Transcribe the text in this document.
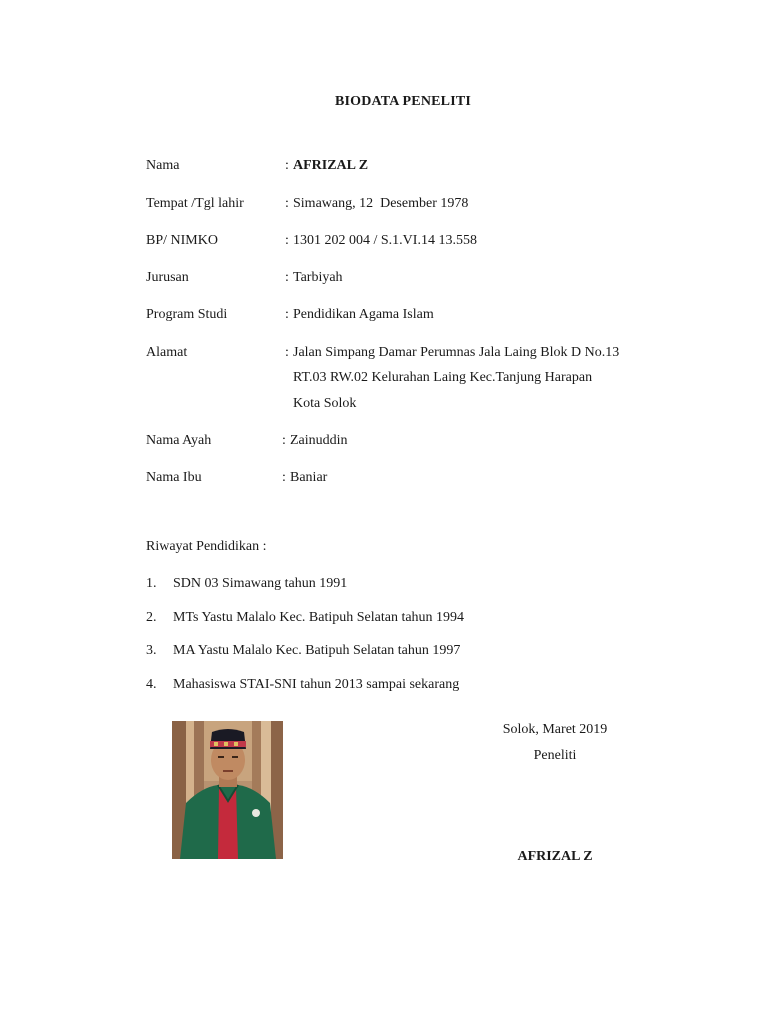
BIODATA PENELITI
Nama	: AFRIZAL Z
Tempat /Tgl lahir	: Simawang, 12  Desember 1978
BP/ NIMKO	: 1301 202 004 / S.1.VI.14 13.558
Jurusan	: Tarbiyah
Program Studi	: Pendidikan Agama Islam
Alamat	: Jalan Simpang Damar Perumnas Jala Laing Blok D No.13
RT.03 RW.02 Kelurahan Laing Kec.Tanjung Harapan
Kota Solok
Nama Ayah	: Zainuddin
Nama Ibu	: Baniar
Riwayat Pendidikan :
1. SDN 03 Simawang tahun 1991
2. MTs Yastu Malalo Kec. Batipuh Selatan tahun 1994
3. MA Yastu Malalo Kec. Batipuh Selatan tahun 1997
4. Mahasiswa STAI-SNI tahun 2013 sampai sekarang
Solok, Maret 2019
Peneliti
AFRIZAL Z
